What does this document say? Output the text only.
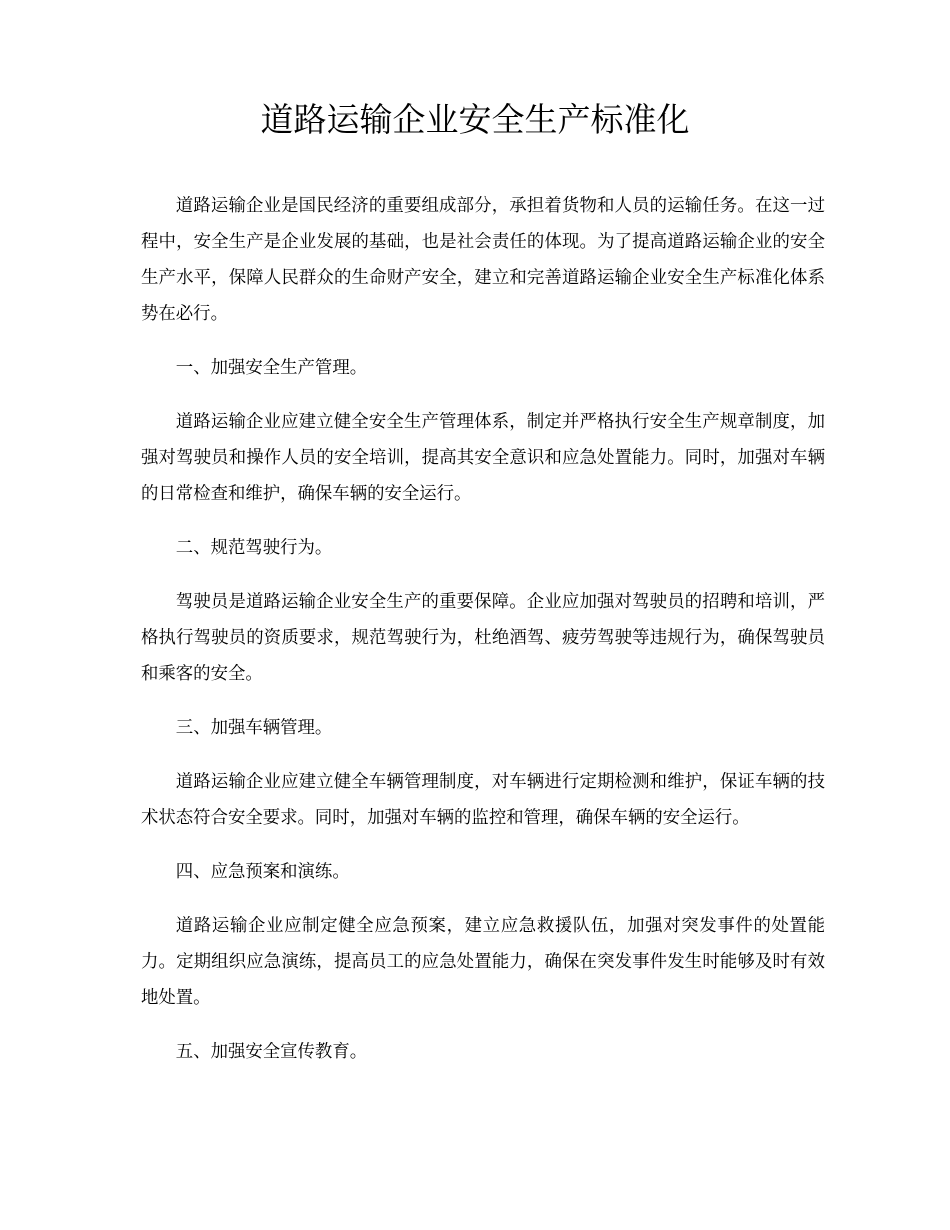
道路运输企业安全生产标准化

道路运输企业是国民经济的重要组成部分，承担着货物和人员的运输任务。在这一过程中，安全生产是企业发展的基础，也是社会责任的体现。为了提高道路运输企业的安全生产水平，保障人民群众的生命财产安全，建立和完善道路运输企业安全生产标准化体系势在必行。

一、加强安全生产管理。

道路运输企业应建立健全安全生产管理体系，制定并严格执行安全生产规章制度，加强对驾驶员和操作人员的安全培训，提高其安全意识和应急处置能力。同时，加强对车辆的日常检查和维护，确保车辆的安全运行。

二、规范驾驶行为。

驾驶员是道路运输企业安全生产的重要保障。企业应加强对驾驶员的招聘和培训，严格执行驾驶员的资质要求，规范驾驶行为，杜绝酒驾、疲劳驾驶等违规行为，确保驾驶员和乘客的安全。

三、加强车辆管理。

道路运输企业应建立健全车辆管理制度，对车辆进行定期检测和维护，保证车辆的技术状态符合安全要求。同时，加强对车辆的监控和管理，确保车辆的安全运行。

四、应急预案和演练。

道路运输企业应制定健全应急预案，建立应急救援队伍，加强对突发事件的处置能力。定期组织应急演练，提高员工的应急处置能力，确保在突发事件发生时能够及时有效地处置。

五、加强安全宣传教育。
